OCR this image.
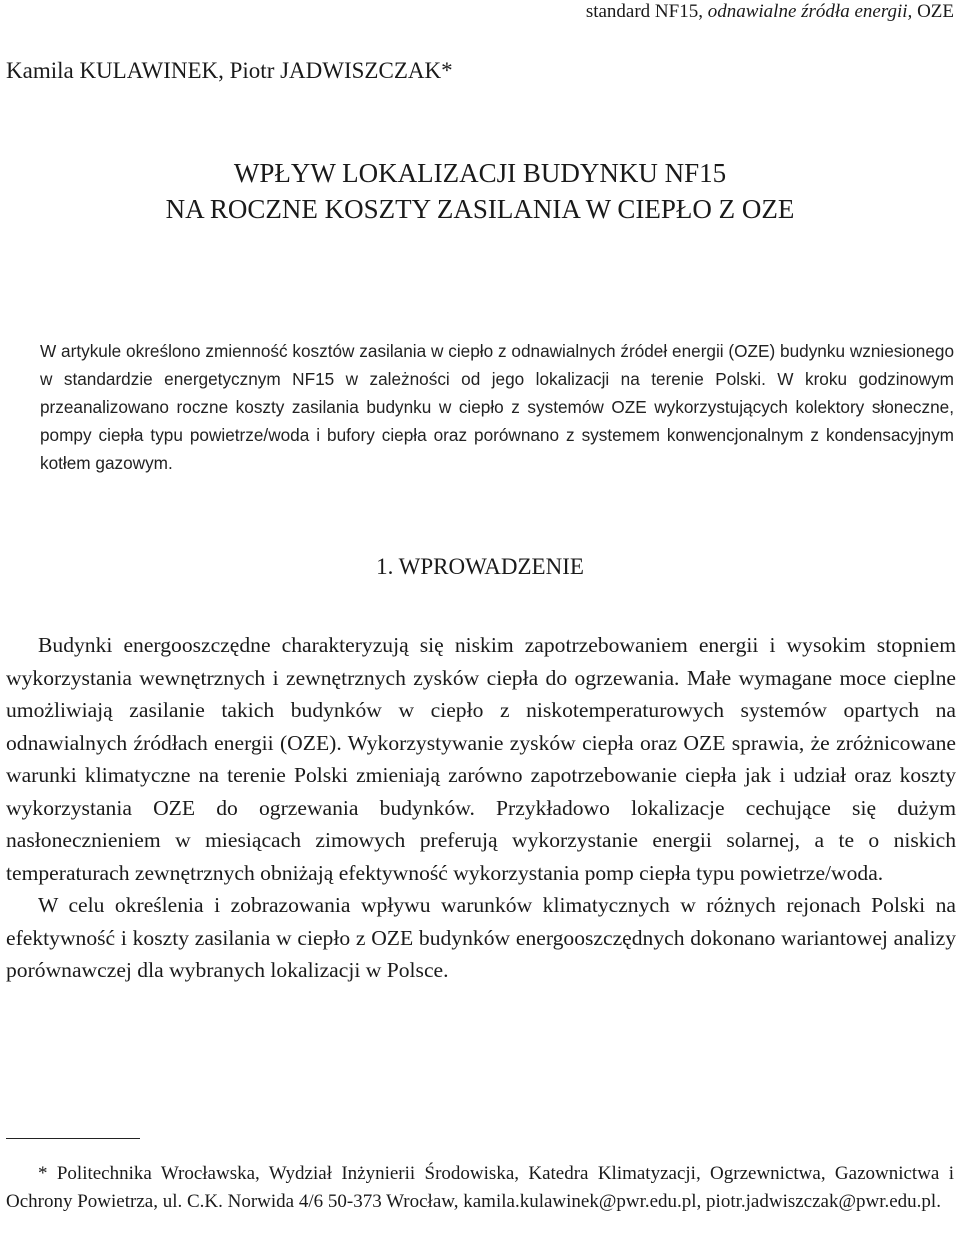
standard NF15, odnawialne źródła energii, OZE
Kamila KULAWINEK, Piotr JADWISZCZAK*
WPŁYW LOKALIZACJI BUDYNKU NF15
NA ROCZNE KOSZTY ZASILANIA W CIEPŁO Z OZE

W artykule określono zmienność kosztów zasilania w ciepło z odnawialnych źródeł energii (OZE) budynku wzniesionego w standardzie energetycznym NF15 w zależności od jego lokalizacji na terenie Polski. W kroku godzinowym przeanalizowano roczne koszty zasilania budynku w ciepło z systemów OZE wykorzystujących kolektory słoneczne, pompy ciepła typu powietrze/woda i bufory ciepła oraz porównano z systemem konwencjonalnym z kondensacyjnym kotłem gazowym.

1. WPROWADZENIE

Budynki energooszczędne charakteryzują się niskim zapotrzebowaniem energii i wysokim stopniem wykorzystania wewnętrznych i zewnętrznych zysków ciepła do ogrzewania. Małe wymagane moce cieplne umożliwiają zasilanie takich budynków w ciepło z niskotemperaturowych systemów opartych na odnawialnych źródłach energii (OZE). Wykorzystywanie zysków ciepła oraz OZE sprawia, że zróżnicowane warunki klimatyczne na terenie Polski zmieniają zarówno zapotrzebowanie ciepła jak i udział oraz koszty wykorzystania OZE do ogrzewania budynków. Przykładowo lokalizacje cechujące się dużym nasłonecznieniem w miesiącach zimowych preferują wykorzystanie energii solarnej, a te o niskich temperaturach zewnętrznych obniżają efektywność wykorzystania pomp ciepła typu powietrze/woda.

W celu określenia i zobrazowania wpływu warunków klimatycznych w różnych rejonach Polski na efektywność i koszty zasilania w ciepło z OZE budynków energooszczędnych dokonano wariantowej analizy porównawczej dla wybranych lokalizacji w Polsce.

* Politechnika Wrocławska, Wydział Inżynierii Środowiska, Katedra Klimatyzacji, Ogrzewnictwa, Gazownictwa i Ochrony Powietrza, ul. C.K. Norwida 4/6 50-373 Wrocław, kamila.kulawinek@pwr.edu.pl, piotr.jadwiszczak@pwr.edu.pl.
